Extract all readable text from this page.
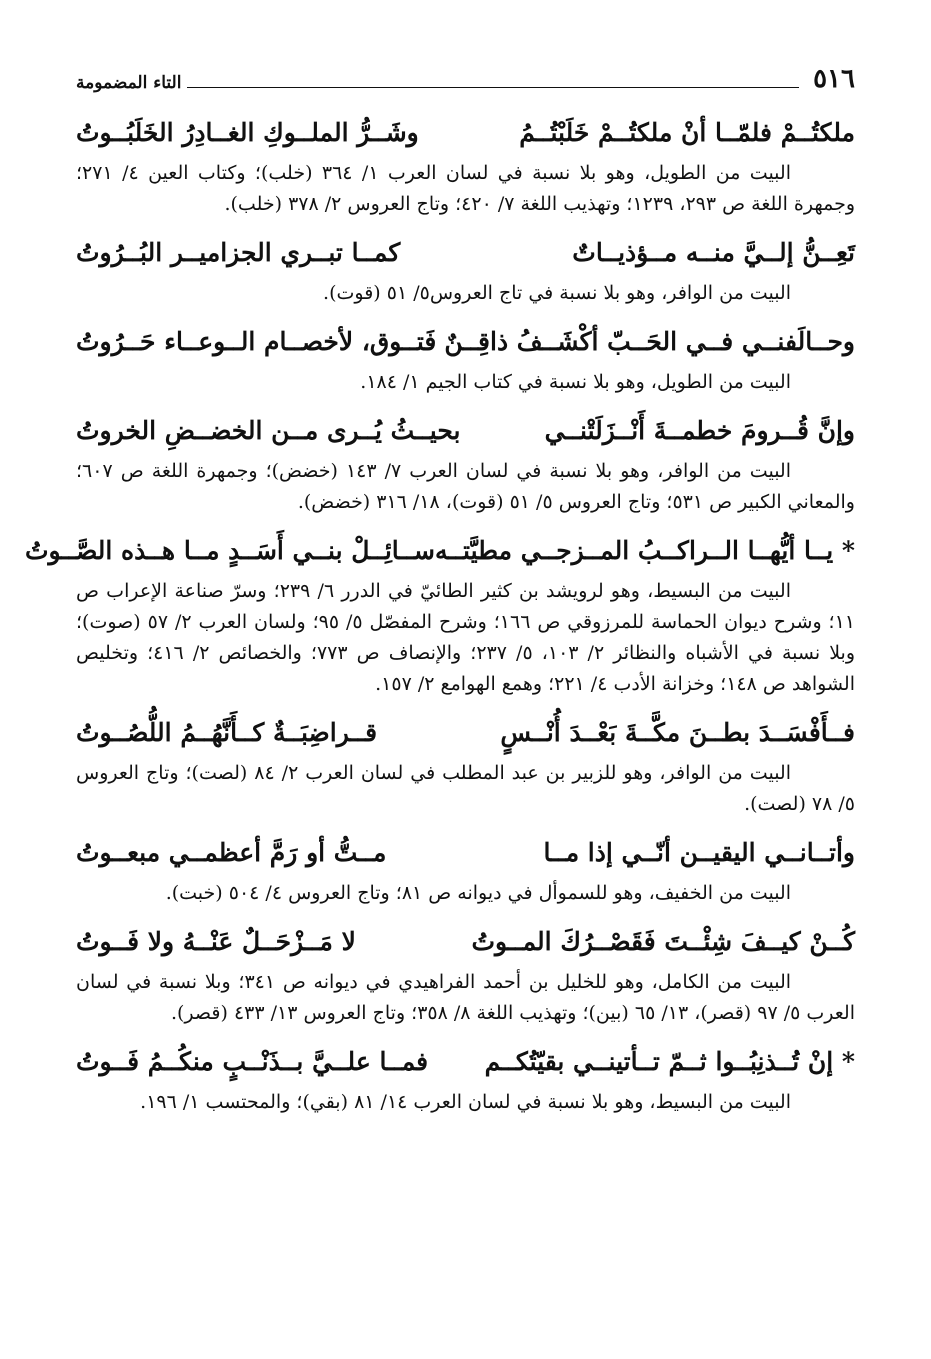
٥١٦
التاء المضمومة
ملكتُــمْ فلمّــا أنْ ملكتُــمْ خَلَبْتُــمُ
وشَــرُّ الملــوكِ الغــادِرُ الخَلَبُــوتُ

البيت من الطويل، وهو بلا نسبة في لسان العرب ١/ ٣٦٤ (خلب)؛ وكتاب العين ٤/ ٢٧١؛ وجمهرة اللغة ص ٢٩٣، ١٢٣٩؛ وتهذيب اللغة ٧/ ٤٢٠؛ وتاج العروس ٢/ ٣٧٨ (خلب).

تَعِــنُّ إلــيَّ منــه مــؤذيــاتٌ
كمــا تبــري الجزاميــر البُــرُوتُ

البيت من الوافر، وهو بلا نسبة في تاج العروس٥/ ٥١ (قوت).

وحــالَفنــي فــي الحَــبّ أكْشَــفُ ذاقِــنٌ
فَتــوق، لأخصــام الــوعــاء حَــرُوتُ

البيت من الطويل، وهو بلا نسبة في كتاب الجيم ١/ ١٨٤.

وإنَّ قُــرومَ خطمــةَ أَنْــزَلَتْنــي
بحيــثُ يُــرى مــن الخضــضِ الخروتُ

البيت من الوافر، وهو بلا نسبة في لسان العرب ٧/ ١٤٣ (خضض)؛ وجمهرة اللغة ص ٦٠٧؛ والمعاني الكبير ص ٥٣١؛ وتاج العروس ٥/ ٥١ (قوت)، ١٨/ ٣١٦ (خضض).

* يــا أيُّهــا الــراكــبُ المــزجــي مطيَّتــه
ســائِــلْ بنــي أَسَــدٍ مــا هــذه الصَّــوتُ

البيت من البسيط، وهو لرويشد بن كثير الطائيّ في الدرر ٦/ ٢٣٩؛ وسرّ صناعة الإعراب ص ١١؛ وشرح ديوان الحماسة للمرزوقي ص ١٦٦؛ وشرح المفصّل ٥/ ٩٥؛ ولسان العرب ٢/ ٥٧ (صوت)؛ وبلا نسبة في الأشباه والنظائر ٢/ ١٠٣، ٥/ ٢٣٧؛ والإنصاف ص ٧٧٣؛ والخصائص ٢/ ٤١٦؛ وتخليص الشواهد ص ١٤٨؛ وخزانة الأدب ٤/ ٢٢١؛ وهمع الهوامع ٢/ ١٥٧.

فــأَفْسَــدَ بطــنَ مكَّــةَ بَعْــدَ أُنْــسٍ
قــراضِبَــةٌ كــأَنَّهُــمُ اللُّصُــوتُ

البيت من الوافر، وهو للزبير بن عبد المطلب في لسان العرب ٢/ ٨٤ (لصت)؛ وتاج العروس ٥/ ٧٨ (لصت).

وأتــانــي اليقيــن أنّــي إذا مــا
مــتُّ أو رَمَّ أعظمــي مبعــوتُ

البيت من الخفيف، وهو للسموأل في ديوانه ص ٨١؛ وتاج العروس ٤/ ٥٠٤ (خبت).

كُــنْ كيــفَ شِئْــتَ فَقَصْــرُكَ المــوتُ
لا مَــزْحَــلٌ عَنْــهُ ولا فَــوتُ

البيت من الكامل، وهو للخليل بن أحمد الفراهيدي في ديوانه ص ٣٤١؛ وبلا نسبة في لسان العرب ٥/ ٩٧ (قصر)، ١٣/ ٦٥ (بين)؛ وتهذيب اللغة ٨/ ٣٥٨؛ وتاج العروس ١٣/ ٤٣٣ (قصر).

* إنْ تُــذنِبُــوا ثــمّ تــأتينــي بقيّتُكــم
فمــا علــيَّ بــذَنْــبٍ منكُــمُ فَــوتُ

البيت من البسيط، وهو بلا نسبة في لسان العرب ١٤/ ٨١ (بقي)؛ والمحتسب ١/ ١٩٦.
